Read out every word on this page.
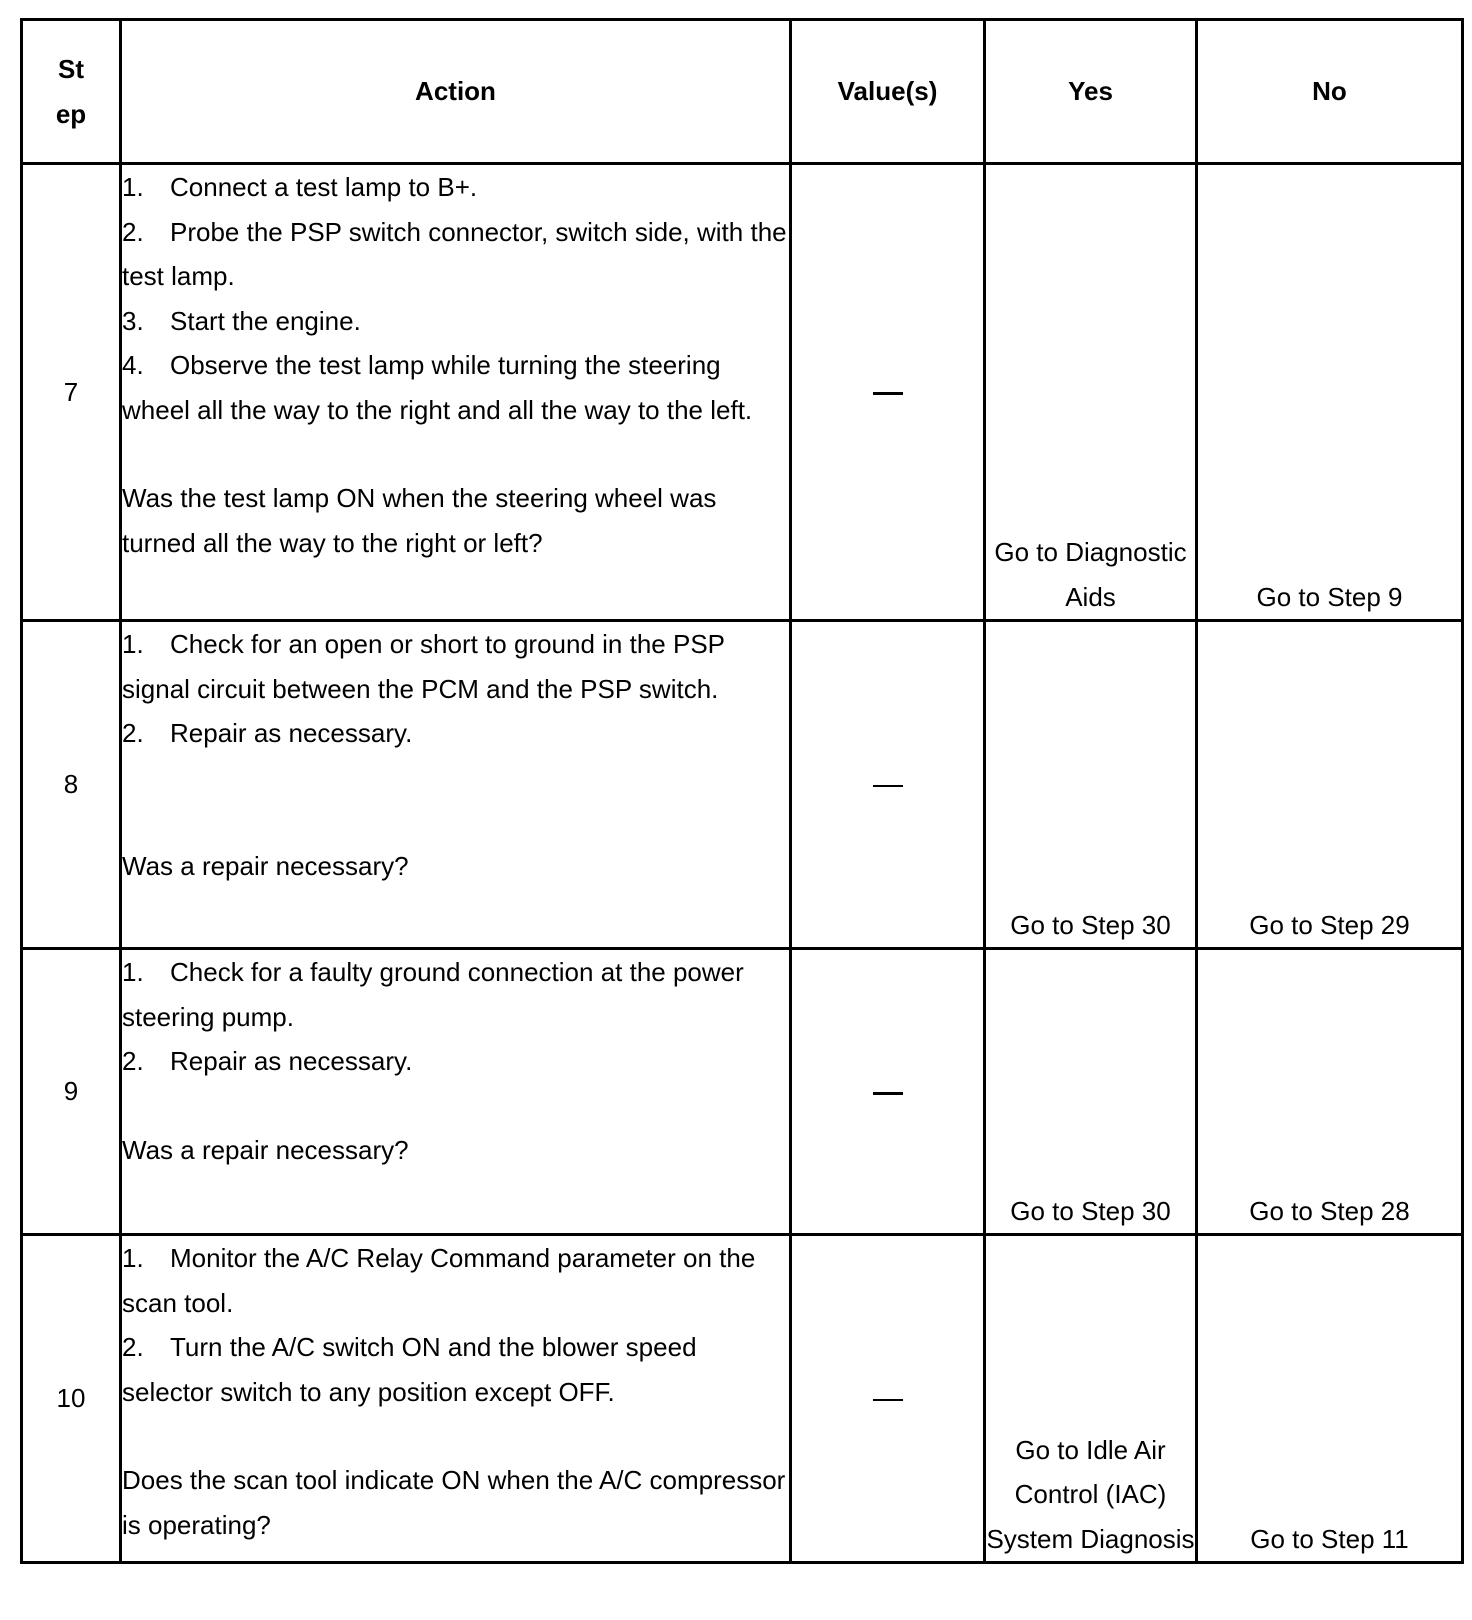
St
ep	Action	Value(s)	Yes	No
7	1. Connect a test lamp to B+.
2. Probe the PSP switch connector, switch side, with the test lamp.
3. Start the engine.
4. Observe the test lamp while turning the steering wheel all the way to the right and all the way to the left.
Was the test lamp ON when the steering wheel was turned all the way to the right or left?		Go to Diagnostic Aids	Go to Step 9
8	1. Check for an open or short to ground in the PSP signal circuit between the PCM and the PSP switch.
2. Repair as necessary.
Was a repair necessary?		Go to Step 30	Go to Step 29
9	1. Check for a faulty ground connection at the power steering pump.
2. Repair as necessary.
Was a repair necessary?		Go to Step 30	Go to Step 28
10	1. Monitor the A/C Relay Command parameter on the scan tool.
2. Turn the A/C switch ON and the blower speed selector switch to any position except OFF.
Does the scan tool indicate ON when the A/C compressor is operating?		Go to Idle Air Control (IAC) System Diagnosis	Go to Step 11
